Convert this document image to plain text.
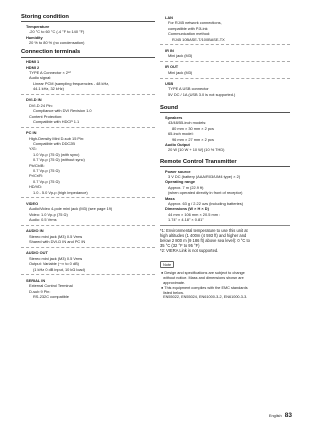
Storing condition
Temperature
-20 °C to 60 °C (-4 °F to 140 °F)
Humidity
20 % to 80 % (no condensation)
Connection terminals
HDMI 1
HDMI 2
TYPE A Connector × 2*²
Audio signal:
Linear PCM (sampling frequencies - 48 kHz,
44.1 kHz, 32 kHz)
DVI-D IN
DVI-D 24 Pin:
Compliance with DVI Revision 1.0
Content Protection:
Compatible with HDCP 1.1
PC IN
High-Density Mini D-sub 15 Pin:
Compatible with DDC2B
Y/G:
1.0 Vp-p (75 Ω) (with sync)
0.7 Vp-p (75 Ω) (without sync)
Pb/Cb/B:
0.7 Vp-p (75 Ω)
Pr/Cr/R:
0.7 Vp-p (75 Ω)
HD/VD:
1.0 - 5.0 Vp-p (high impedance)
VIDEO
Audio/Video 4-pole mini jack (M3) (see page 19)
Video: 1.0 Vp-p (75 Ω)
Audio: 0.5 Vrms
AUDIO IN
Stereo mini jack (M3) 0.5 Vrms
Shared with DVI-D IN and PC IN
AUDIO OUT
Stereo mini jack (M3) 0.5 Vrms
Output: Variable (−∞ to 0 dB)
(1 kHz 0 dB input, 10 kΩ load)
SERIAL IN
External Control Terminal
D-sub 9 Pin:
RS-232C compatible
LAN
For RJ45 network connections,
compatible with PJLink
Communication method:
RJ45 10BASE-T/100BASE-TX
IR IN
Mini jack (M3)
IR OUT
Mini jack (M3)
USB
TYPE A USB connector
5V DC / 1A (USB 3.0 is not supported.)
Sound
Speakers
43/48/55-inch models:
80 mm × 30 mm × 2 pcs
65-inch model:
96 mm × 27 mm × 2 pcs
Audio Output
20 W [10 W + 10 W] (10 % THD)
Remote Control Transmitter
Power source
3 V DC (battery (AAA/R03/UM4 type) × 2)
Operating range
Approx. 7 m (22.9 ft)
(when operated directly in front of receptor)
Mass
Approx. 63 g / 2.22 ozs (including batteries)
Dimensions (W × H × D)
44 mm × 106 mm × 20.5 mm :
1.74" × 4.18" × 0.81"
*1: Environmental temperature to use this unit at
high altitudes (1 400m (4 593 ft) and higher and
below 2 800 m (9 186 ft) above sea level): 0 °C to
35 °C (32 °F to 95 °F)
*2: VIERA Link is not supported.
Note
● Design and specifications are subject to change
without notice. Mass and dimensions shown are
approximate.
● This equipment complies with the EMC standards
listed below.
EN55022, EN55024, EN61000-3-2, EN61000-3-3.
English 83
